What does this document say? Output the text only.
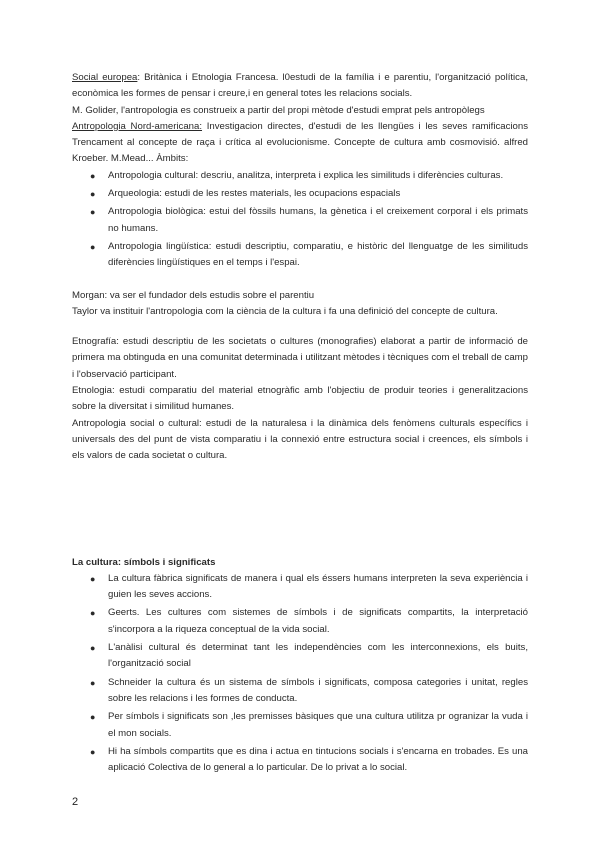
Social europea: Britànica i Etnologia Francesa. l0estudi de la família i e parentiu, l'organització política, econòmica les formes de pensar i creure,i en general totes les relacions socials.

M. Golider, l'antropologia es construeix a partir del propi mètode d'estudi emprat pels antropòlegs

Antropologia Nord-americana: Investigacion directes, d'estudi de les llengües i les seves ramificacions Trencament al concepte de raça i crítica al evolucionisme. Concepte de cultura amb cosmovisió. alfred Kroeber. M.Mead... Àmbits:

● Antropologia cultural: descriu, analitza, interpreta i explica les similituds i diferències culturas.
● Arqueologia: estudi de les restes materials, les ocupacions espacials
● Antropologia biològica: estui del fòssils humans, la gènetica i el creixement corporal i els primats no humans.
● Antropologia lingüística: estudi descriptiu, comparatiu, e històric del llenguatge de les similituds diferències lingüístiques en el temps i l'espai.

Morgan: va ser el fundador dels estudis sobre el parentiu

Taylor va instituir l'antropologia com la ciència de la cultura i fa una definició del concepte de cultura.

Etnografía: estudi descriptiu de les societats o cultures (monografies) elaborat a partir de informació de primera ma obtinguda en una comunitat determinada i utilitzant mètodes i tècniques com el treball de camp i l'observació participant.

Etnologia: estudi comparatiu del material etnogràfic amb l'objectiu de produir teories i generalitzacions sobre la diversitat i similitud humanes.

Antropologia social o cultural: estudi de la naturalesa i la dinàmica dels fenòmens culturals específics i universals des del punt de vista comparatiu i la connexió entre estructura social i creences, els símbols i els valors de cada societat o cultura.

La cultura: símbols i significats

● La cultura fàbrica significats de manera i qual els éssers humans interpreten la seva experiència i guien les seves accions.
● Geerts. Les cultures com sistemes de símbols i de significats compartits, la interpretació s'incorpora a la riqueza conceptual de la vida social.
● L'anàlisi cultural és determinat tant les independències com les interconnexions, els buits, l'organització social
● Schneider la cultura és un sistema de símbols i significats, composa categories i unitat, regles sobre les relacions i les formes de conducta.
● Per símbols i significats son ,les premisses bàsiques que una cultura utilitza pr ogranizar la vuda i el mon socials.
● Hi ha símbols compartits que es dina i actua en tintucions socials i s'encarna en trobades. Es una aplicació Colectiva de lo general a lo particular. De lo privat a lo social.
2
